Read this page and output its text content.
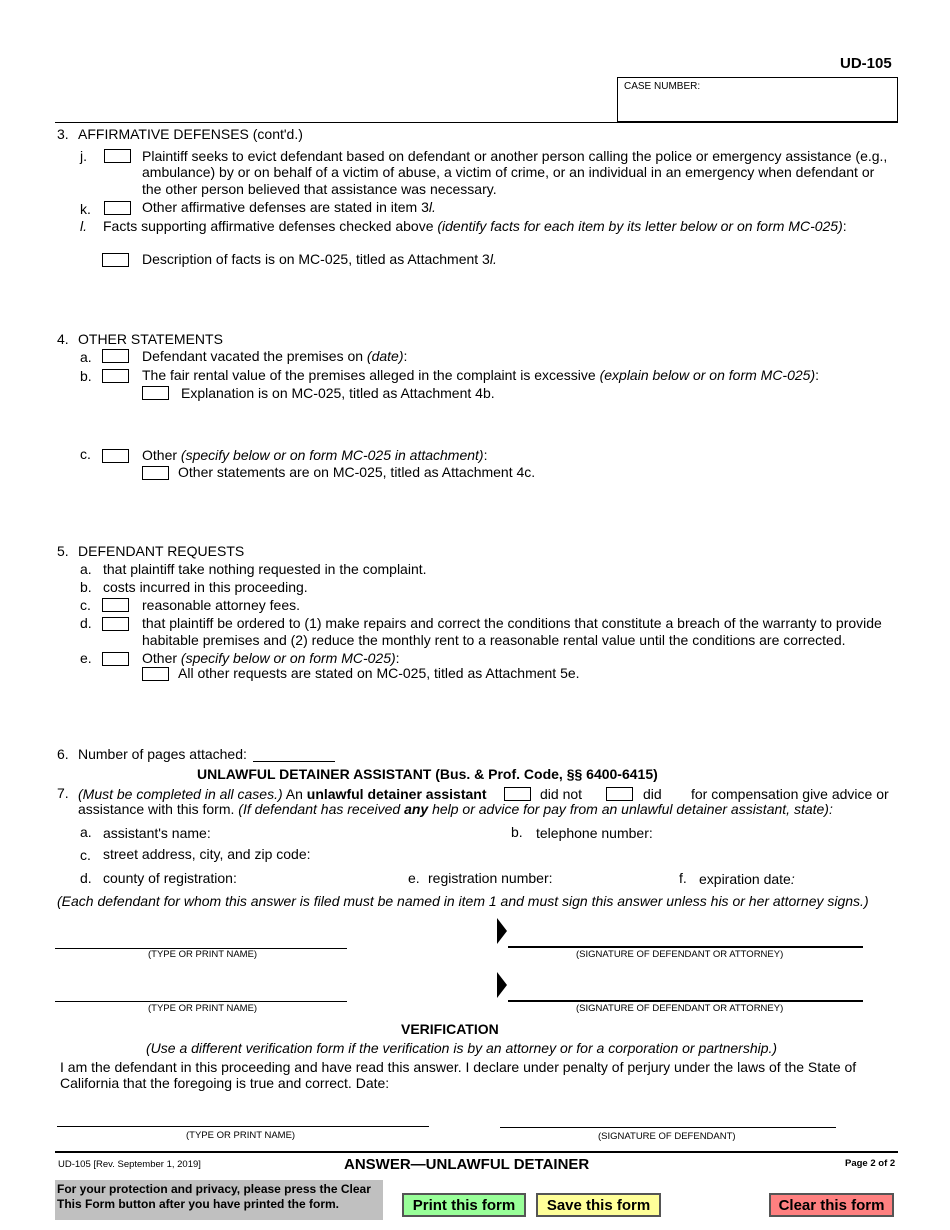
UD-105
CASE NUMBER:
3. AFFIRMATIVE DEFENSES (cont'd.)
j.	Plaintiff seeks to evict defendant based on defendant or another person calling the police or emergency assistance (e.g.,
ambulance) by or on behalf of a victim of abuse, a victim of crime, or an individual in an emergency when defendant or
the other person believed that assistance was necessary.
k.	Other affirmative defenses are stated in item 3l.
l. Facts supporting affirmative defenses checked above (identify facts for each item by its letter below or on form MC-025):
Description of facts is on MC-025, titled as Attachment 3l.
4. OTHER STATEMENTS
a.	Defendant vacated the premises on (date):
b.	The fair rental value of the premises alleged in the complaint is excessive (explain below or on form MC-025):
Explanation is on MC-025, titled as Attachment 4b.
c.	Other (specify below or on form MC-025 in attachment):
Other statements are on MC-025, titled as Attachment 4c.
5. DEFENDANT REQUESTS
a. that plaintiff take nothing requested in the complaint.
b. costs incurred in this proceeding.
c.	reasonable attorney fees.
d.	that plaintiff be ordered to (1) make repairs and correct the conditions that constitute a breach of the warranty to provide
habitable premises and (2) reduce the monthly rent to a reasonable rental value until the conditions are corrected.
e.	Other (specify below or on form MC-025):
All other requests are stated on MC-025, titled as Attachment 5e.
6. Number of pages attached:
UNLAWFUL DETAINER ASSISTANT (Bus. & Prof. Code, §§ 6400-6415)
7. (Must be completed in all cases.) An unlawful detainer assistant	did not	did for compensation give advice or
assistance with this form. (If defendant has received any help or advice for pay from an unlawful detainer assistant, state):
a. assistant's name:	b. telephone number:
c. street address, city, and zip code:
d. county of registration:	e. registration number:	f. expiration date:
(Each defendant for whom this answer is filed must be named in item 1 and must sign this answer unless his or her attorney signs.)
(TYPE OR PRINT NAME)	(SIGNATURE OF DEFENDANT OR ATTORNEY)
(TYPE OR PRINT NAME)	(SIGNATURE OF DEFENDANT OR ATTORNEY)
VERIFICATION
(Use a different verification form if the verification is by an attorney or for a corporation or partnership.)
I am the defendant in this proceeding and have read this answer. I declare under penalty of perjury under the laws of the State of
California that the foregoing is true and correct. Date:
(TYPE OR PRINT NAME)	(SIGNATURE OF DEFENDANT)
UD-105 [Rev. September 1, 2019]	ANSWER—UNLAWFUL DETAINER	Page 2 of 2
For your protection and privacy, please press the Clear This Form button after you have printed the form.	Print this form	Save this form	Clear this form
